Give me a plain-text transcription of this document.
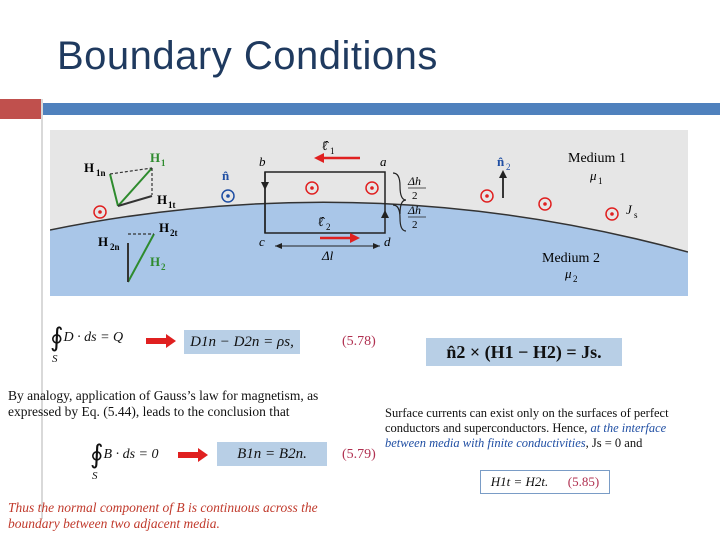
Boundary Conditions
H 1n
H 1
H 1t
H 2n
H 2t
H 2
n̂
b	a
c	d
ℓ̂ 1
ℓ̂ 2
Δl
Δh
2
Δh
2
n̂ 2
Medium 1
μ 1
J s
Medium 2
μ 2
∮D · ds = Q
S
D1n − D2n = ρs,	(5.78)	n̂2 × (H1 − H2) = Js.
By analogy, application of Gauss’s law for magnetism, as
expressed by Eq. (5.44), leads to the conclusion that	Surface currents can exist only on the surfaces of perfect
conductors and superconductors. Hence, at the interface
between media with finite conductivities, Js = 0 and
∮B · ds = 0
S
B1n = B2n.	(5.79)
H1t = H2t. (5.85)
Thus the normal component of B is continuous across the
boundary between two adjacent media.
